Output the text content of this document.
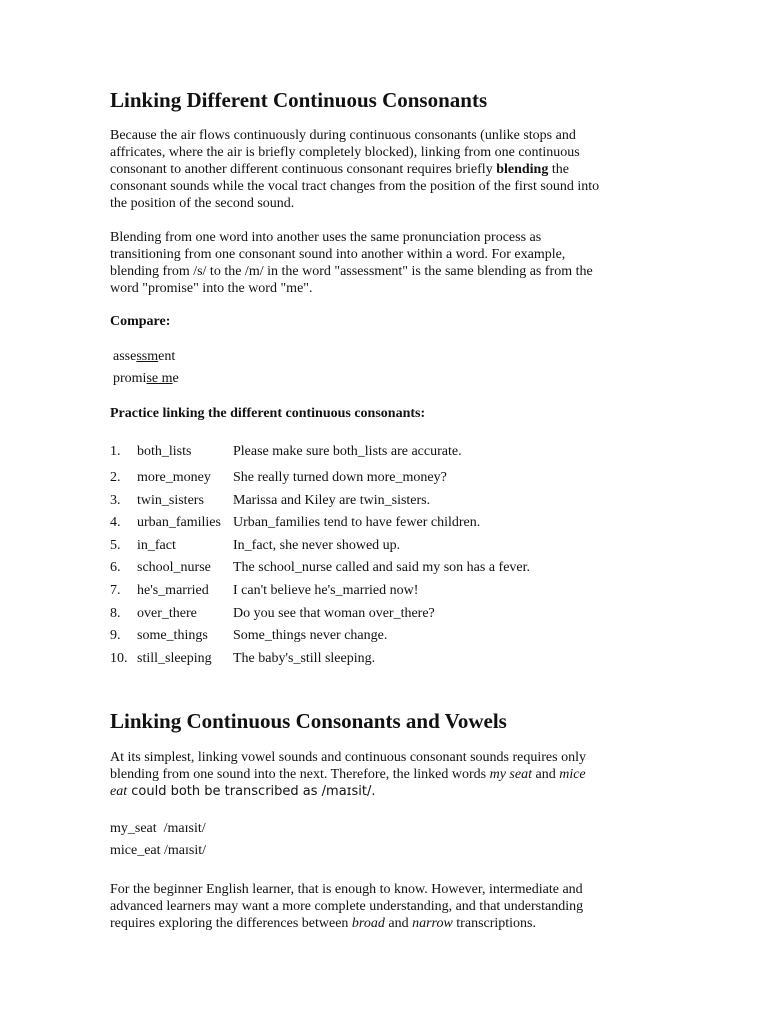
Linking Different Continuous Consonants
Because the air flows continuously during continuous consonants (unlike stops and
affricates, where the air is briefly completely blocked), linking from one continuous
consonant to another different continuous consonant requires briefly blending the
consonant sounds while the vocal tract changes from the position of the first sound into
the position of the second sound.
Blending from one word into another uses the same pronunciation process as
transitioning from one consonant sound into another within a word. For example,
blending from /s/ to the /m/ in the word "assessment" is the same blending as from the
word "promise" into the word "me".
Compare:
assessment
promise me
Practice linking the different continuous consonants:
1. both_lists	Please make sure both_lists are accurate.
2. more_money She really turned down more_money?
3. twin_sisters Marissa and Kiley are twin_sisters.
4. urban_families Urban_families tend to have fewer children.
5. in_fact	In_fact, she never showed up.
6. school_nurse The school_nurse called and said my son has a fever.
7. he's_married I can't believe he's_married now!
8. over_there	Do you see that woman over_there?
9. some_things Some_things never change.
10. still_sleeping The baby's_still sleeping.
Linking Continuous Consonants and Vowels
At its simplest, linking vowel sounds and continuous consonant sounds requires only
blending from one sound into the next. Therefore, the linked words my seat and mice
eat could both be transcribed as /maɪsit/.
my_seat /maɪsit/
mice_eat /maɪsit/
For the beginner English learner, that is enough to know. However, intermediate and
advanced learners may want a more complete understanding, and that understanding
requires exploring the differences between broad and narrow transcriptions.
